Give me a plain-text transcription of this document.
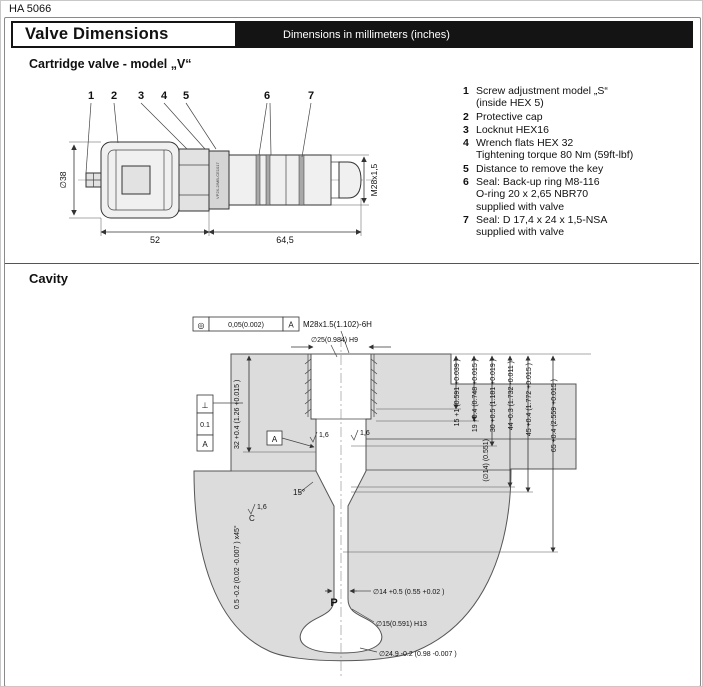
HA 5066
Valve Dimensions	Dimensions in millimeters (inches)
Cartridge valve - model „V“
VP2X-2/MB-CE1017
1 2 3 4 5	6	7
∅38	M28x1,5
52	64,5
1 Screw adjustment model „S“
(inside HEX 5)
2 Protective cap
3 Locknut HEX16
4 Wrench flats HEX 32
Tightening torque 80 Nm (59ft-lbf)
5 Distance to remove the key
6 Seal: Back-up ring M8-116
O-ring 20 x 2,65 NBR70
supplied with valve
7 Seal: D 17,4 x 24 x 1,5-NSA
supplied with valve
Cavity
◎	0,05(0.002)	A M28x1.5(1.102)-6H
∅25(0.984) H9
15 +1 (0.591 +0.039 ) 19 +0.4 (0.748 +0.015 ) 30 +0.5 (1.181 +0.019 ) 44 -0.3 (1.732 -0.011 ) 45 +0.4 (1.772 +0.015 )	65 +0.4 (2.559 +0.015 )
(∅14) (0.551)
32 +0.4 (1.26 +0.015 )
⊥
0.1
A
A
15°
1,6	1,6
1,6
C
0.5 -0.2 (0.02 -0.007 ) x45°	P
∅14 +0.5 (0.55 +0.02 )
∅15(0.591) H13
∅24.9 -0.2 (0.98 -0.007 )
